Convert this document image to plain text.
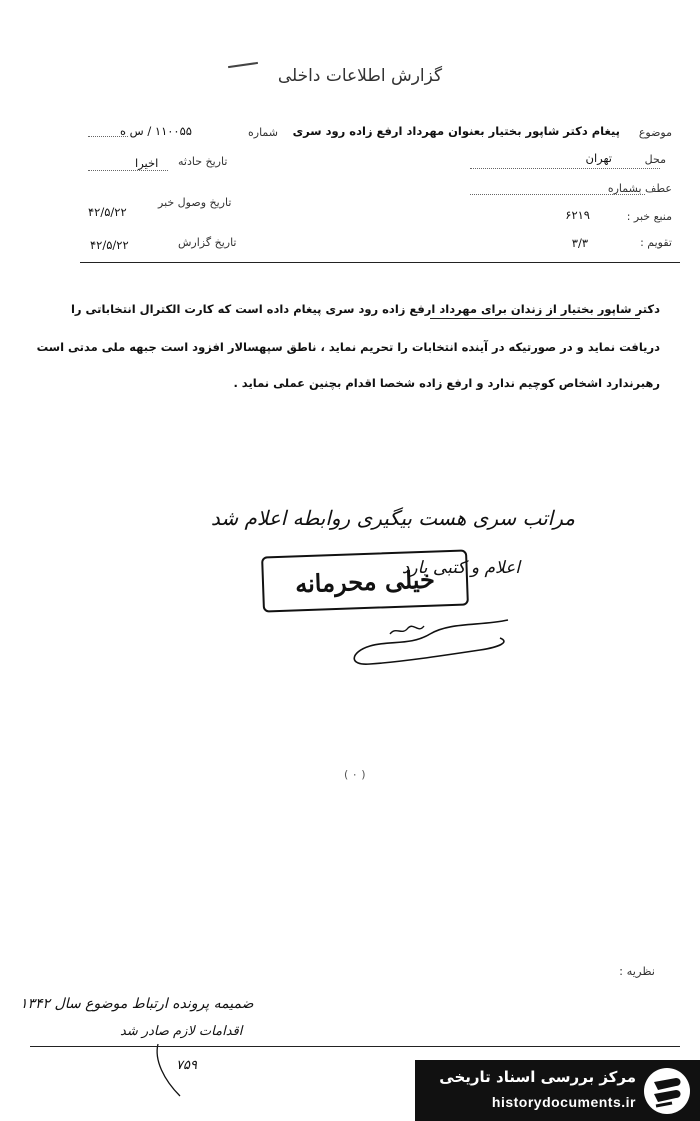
گزارش اطلاعات داخلی
موضوع
پیغام دکتر شاپور بختیار بعنوان مهرداد ارفع زاده رود سری
محل
تهران
عطف بشماره
منبع خبر :
۶۲۱۹
تقویم :
۳/۳
شماره
۱۱۰۰۵۵ / س ه
تاریخ حادثه
اخیرا
تاریخ وصول خبر
۴۲/۵/۲۲
تاریخ گزارش
۴۲/۵/۲۲
دکتر شاپور بختیار از زندان برای مهرداد ارفع زاده رود سری پیغام داده است که کارت الکترال انتخاباتی را
دریافت نماید و در صورتیکه در آینده انتخابات را تحریم نماید ، ناطق سپهسالار افزود است جبهه ملی مدتی است
رهبرندارد اشخاص کوچیم ندارد و ارفع زاده شخصا اقدام بچنین عملی نماید .
مراتب سری هست بیگیری روابطه اعلام شد
اعلام و کتبی بارد
خیلی محرمانه
( ۰ )
نظریه :
ضمیمه پرونده ارتباط موضوع سال ۱۳۴۲
اقدامات لازم صادر شد
۷۵۹
مرکز بررسی اسناد تاریخی
historydocuments.ir
